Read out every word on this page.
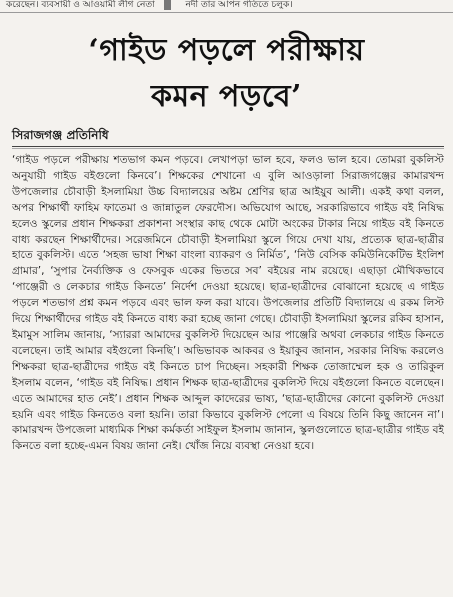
করেছেন। ব্যবসায়ী ও আওয়ামী লীগ নেতা	নদী তার আপন গতিতে চলুক।
‘গাইড পড়লে পরীক্ষায়
কমন পড়বে’
সিরাজগঞ্জ প্রতিনিধি

‘গাইড পড়লে পরীক্ষায় শতভাগ কমন পড়বে। লেখাপড়া ভাল হবে, ফলও ভাল হবে। তোমরা বুকলিস্ট অনুযায়ী গাইড বইগুলো কিনবে’। শিক্ষকের শেখানো এ বুলি আওড়ালা সিরাজগঞ্জের কামারখন্দ উপজেলার চৌবাড়ী ইসলামিয়া উচ্চ বিদ্যালয়ের অষ্টম শ্রেণির ছাত্র আইয়ুব আলী। একই কথা বলল, অপর শিক্ষার্থী ফাহিম ফাতেমা ও জান্নাতুল ফেরদৌস। অভিযোগ আছে, সরকারিভাবে গাইড বই নিষিদ্ধ হলেও স্কুলের প্রধান শিক্ষকরা প্রকাশনা সংস্থার কাছ থেকে মোটা অংকের টাকার নিয়ে গাইড বই কিনতে বাধ্য করছেন শিক্ষার্থীদের। সরেজমিনে চৌবাড়ী ইসলামিয়া স্কুলে গিয়ে দেখা যায়, প্রত্যেক ছাত্র-ছাত্রীর হাতে বুকলিস্ট। এতে ‘সহজ ভাষা শিক্ষা বাংলা ব্যাকরণ ও নির্মিত’, ‘নিউ বেসিক কমিউনিকেটিভ ইংলিশ গ্রামার’, ‘সুপার নৈর্ব্যক্তিক ও ফেসবুক একের ভিতরে সব’ বইয়ের নাম রয়েছে। এছাড়া মৌখিকভাবে ‘পাঞ্জেরী ও লেকচার গাইড কিনতে’ নির্দেশ দেওয়া হয়েছে। ছাত্র-ছাত্রীদের বোঝানো হয়েছে এ গাইড পড়লে শতভাগ প্রশ্ন কমন পড়বে এবং ভাল ফল করা যাবে। উপজেলার প্রতিটি বিদ্যালয়ে এ রকম লিস্ট দিয়ে শিক্ষার্থীদের গাইড বই কিনতে বাধ্য করা হচ্ছে জানা গেছে। চৌবাড়ী ইসলামিয়া স্কুলের রকিব হাসান, ইমামুস সালিম জানায়, ‘স্যাররা আমাদের বুকলিস্ট দিয়েছেন আর পাঞ্জেরি অথবা লেকচার গাইড কিনতে বলেছেন। তাই আমার বইগুলো কিনছি’। অভিভাবক আকবর ও ইয়াকুব জানান, সরকার নিষিদ্ধ করলেও শিক্ষকরা ছাত্র-ছাত্রীদের গাইড বই কিনতে চাপ দিচ্ছেন। সহকারী শিক্ষক তোজাম্মেল হক ও তারিকুল ইসলাম বলেন, ‘গাইড বই নিষিদ্ধ। প্রধান শিক্ষক ছাত্র-ছাত্রীদের বুকলিস্ট দিয়ে বইগুলো কিনতে বলেছেন। এতে আমাদের হাত নেই’। প্রধান শিক্ষক আব্দুল কাদেরের ভাষ্য, ‘ছাত্র-ছাত্রীদের কোনো বুকলিস্ট দেওয়া হয়নি এবং গাইড কিনতেও বলা হয়নি। তারা কিভাবে বুকলিস্ট পেলো এ বিষয়ে তিনি কিছু জানেন না’। কামারখন্দ উপজেলা মাধ্যমিক শিক্ষা কর্মকর্তা সাইফুল ইসলাম জানান, স্কুলগুলোতে ছাত্র-ছাত্রীর গাইড বই কিনতে বলা হচ্ছে-এমন বিষয় জানা নেই। খোঁজ নিয়ে ব্যবস্থা নেওয়া হবে।
